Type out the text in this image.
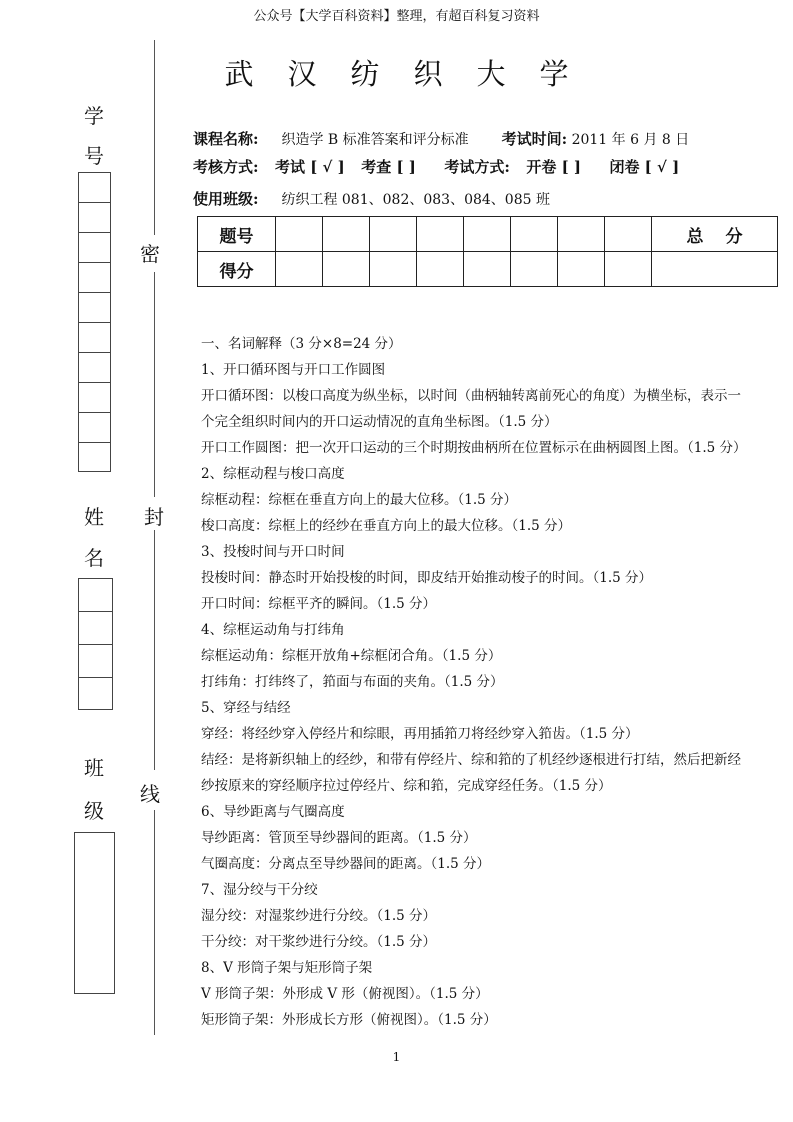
公众号【大学百科资料】整理，有超百科复习资料
武汉纺织大学
密
封
线
学
号
姓
名
班
级
课程名称: 织造学 B 标准答案和评分标准 考试时间: 2011 年 6 月 8 日
考核方式: 考试 [ √ ] 考查 [ ] 考试方式: 开卷 [ ] 闭卷 [ √ ]
使用班级: 纺织工程 081、082、083、084、085 班
题号									总分
得分									
一、名词解释（3 分×8=24 分）
1、开口循环图与开口工作圆图
开口循环图：以梭口高度为纵坐标，以时间（曲柄轴转离前死心的角度）为横坐标，表示一
个完全组织时间内的开口运动情况的直角坐标图。（1.5 分）
开口工作圆图：把一次开口运动的三个时期按曲柄所在位置标示在曲柄圆图上图。（1.5 分）
2、综框动程与梭口高度
综框动程：综框在垂直方向上的最大位移。（1.5 分）
梭口高度：综框上的经纱在垂直方向上的最大位移。（1.5 分）
3、投梭时间与开口时间
投梭时间：静态时开始投梭的时间，即皮结开始推动梭子的时间。（1.5 分）
开口时间：综框平齐的瞬间。（1.5 分）
4、综框运动角与打纬角
综框运动角：综框开放角+综框闭合角。（1.5 分）
打纬角：打纬终了，筘面与布面的夹角。（1.5 分）
5、穿经与结经
穿经：将经纱穿入停经片和综眼，再用插筘刀将经纱穿入筘齿。（1.5 分）
结经：是将新织轴上的经纱，和带有停经片、综和筘的了机经纱逐根进行打结，然后把新经
纱按原来的穿经顺序拉过停经片、综和筘，完成穿经任务。（1.5 分）
6、导纱距离与气圈高度
导纱距离：管顶至导纱器间的距离。（1.5 分）
气圈高度：分离点至导纱器间的距离。（1.5 分）
7、湿分绞与干分绞
湿分绞：对湿浆纱进行分绞。（1.5 分）
干分绞：对干浆纱进行分绞。（1.5 分）
8、V 形筒子架与矩形筒子架
V 形筒子架：外形成 V 形（俯视图）。（1.5 分）
矩形筒子架：外形成长方形（俯视图）。（1.5 分）
1
